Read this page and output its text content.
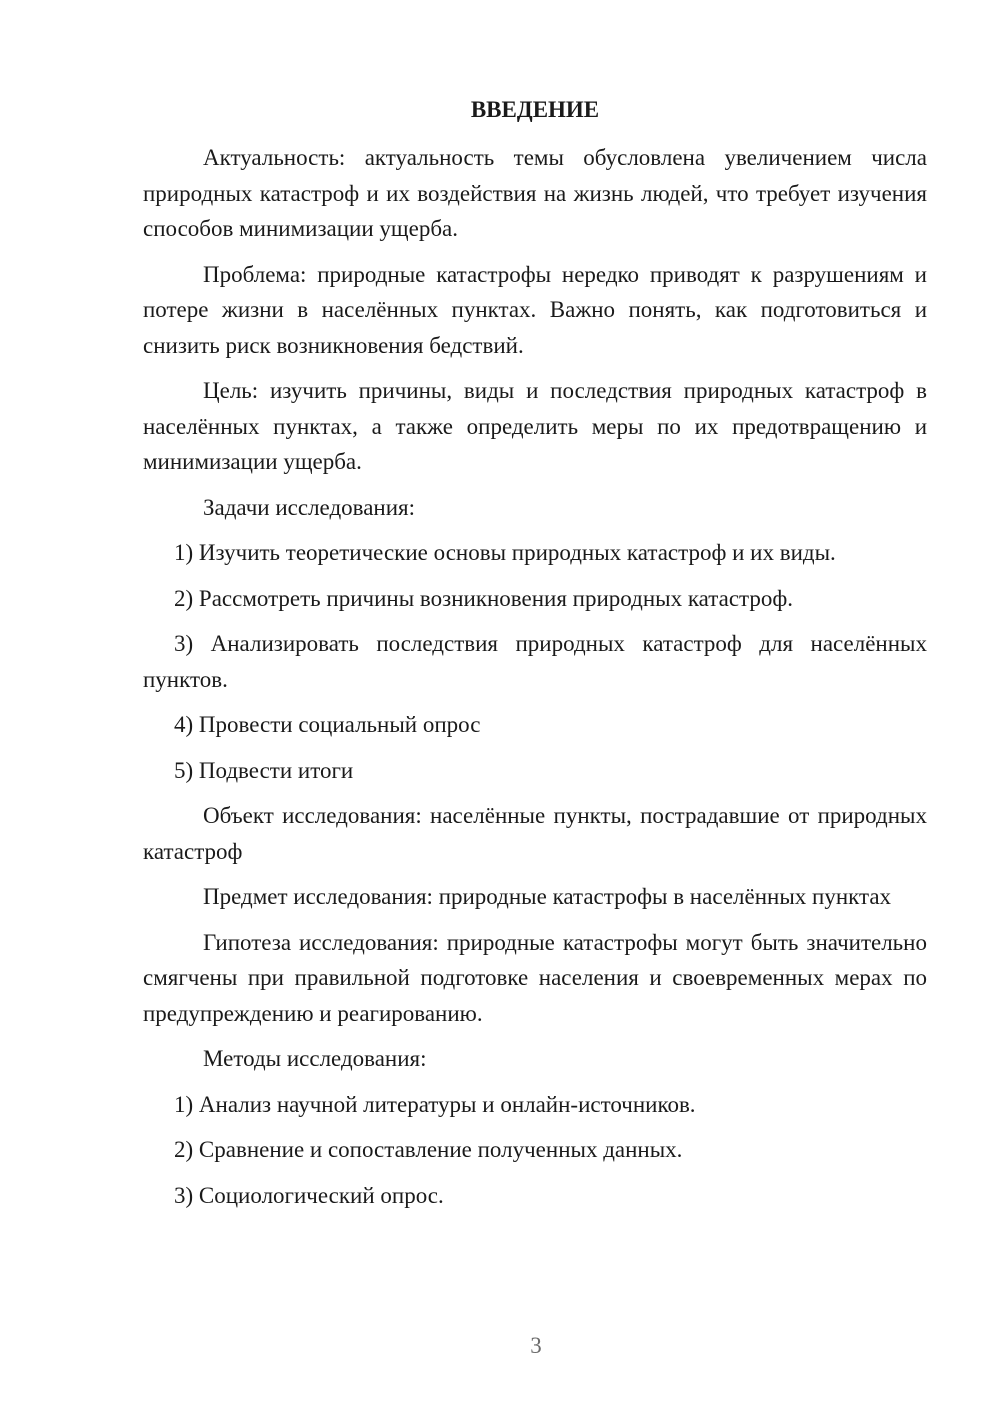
ВВЕДЕНИЕ

Актуальность: актуальность темы обусловлена увеличением числа природных катастроф и их воздействия на жизнь людей, что требует изучения способов минимизации ущерба.

Проблема: природные катастрофы нередко приводят к разрушениям и потере жизни в населённых пунктах. Важно понять, как подготовиться и снизить риск возникновения бедствий.

Цель: изучить причины, виды и последствия природных катастроф в населённых пунктах, а также определить меры по их предотвращению и минимизации ущерба.

Задачи исследования:

1) Изучить теоретические основы природных катастроф и их виды.

2) Рассмотреть причины возникновения природных катастроф.

3) Анализировать последствия природных катастроф для населённых пунктов.

4) Провести социальный опрос

5) Подвести итоги

Объект исследования: населённые пункты, пострадавшие от природных катастроф

Предмет исследования: природные катастрофы в населённых пунктах

Гипотеза исследования: природные катастрофы могут быть значительно смягчены при правильной подготовке населения и своевременных мерах по предупреждению и реагированию.

Методы исследования:

1) Анализ научной литературы и онлайн-источников.

2) Сравнение и сопоставление полученных данных.

3) Социологический опрос.

3
